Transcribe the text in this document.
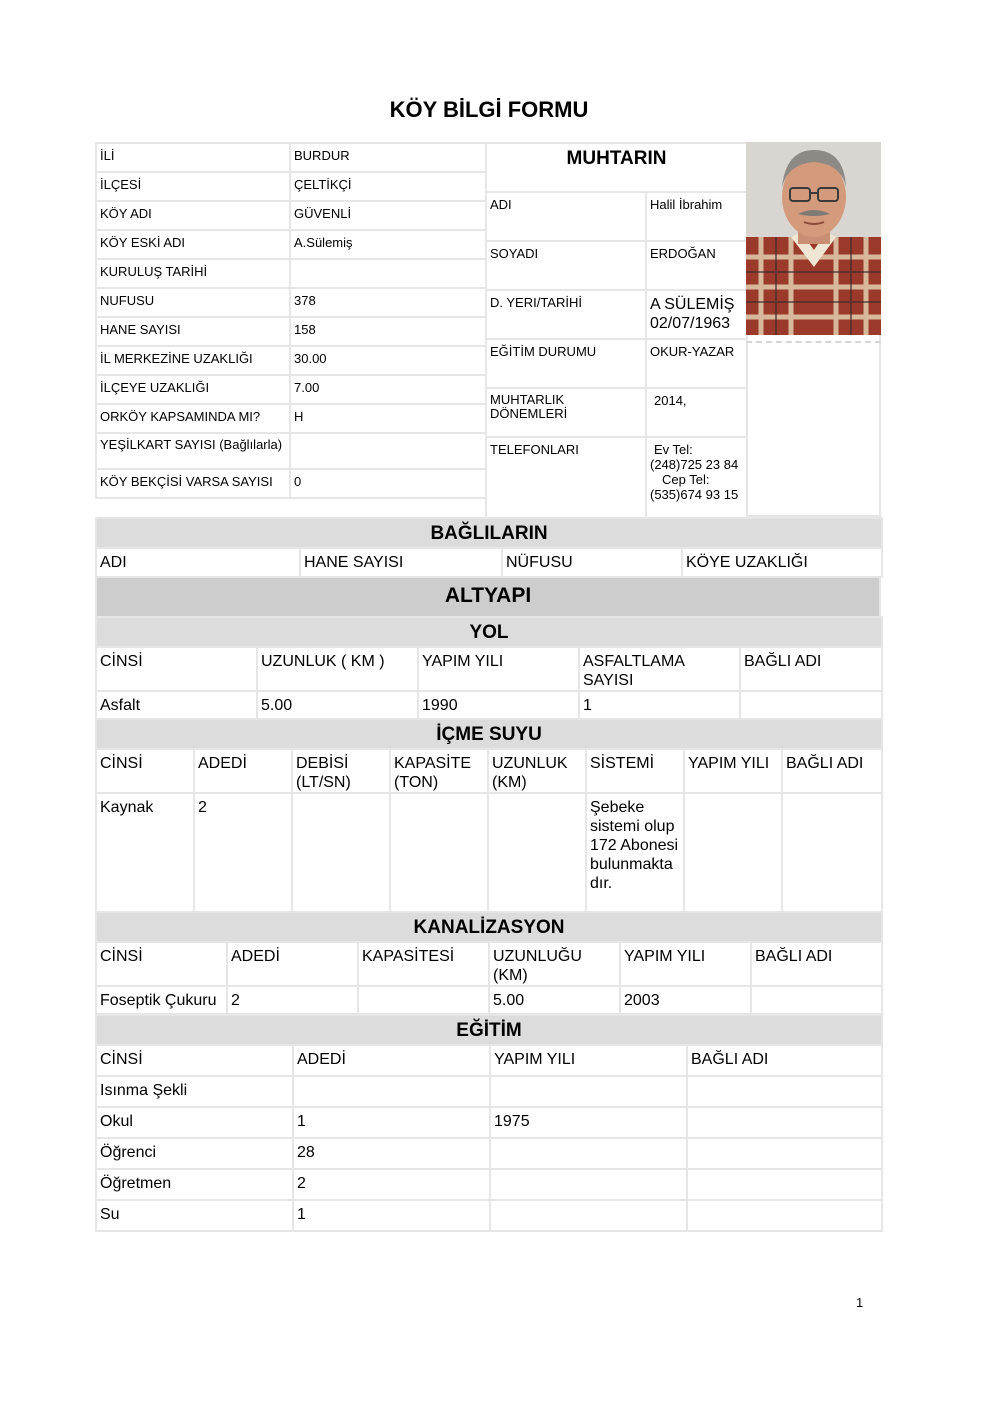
KÖY BİLGİ FORMU
İLİ	BURDUR

İLÇESİ	ÇELTİKÇİ

KÖY ADI	GÜVENLİ

KÖY ESKİ ADI	A.Sülemiş

KURULUŞ TARİHİ	

NUFUSU	378

HANE SAYISI	158

İL MERKEZİNE UZAKLIĞI	30.00

İLÇEYE UZAKLIĞI	7.00

ORKÖY KAPSAMINDA MI?	H

YEŞİLKART SAYISI (Bağlılarla)	

KÖY BEKÇİSİ VARSA SAYISI	0

MUHTARIN	

ADI	Halil İbrahim

SOYADI	ERDOĞAN

D. YERI/TARİHİ	A SÜLEMİŞ
02/07/1963

EĞİTİM DURUMU	OKUR-YAZAR

MUHTARLIK DÖNEMLERİ	2014,

TELEFONLARI	Ev Tel:
(248)725 23 84
Cep Tel:
(535)674 93 15
BAĞLILARIN

ADI	HANE SAYISI	NÜFUSU	KÖYE UZAKLIĞI
ALTYAPI
YOL				

CİNSİ	UZUNLUK ( KM )	YAPIM YILI	ASFALTLAMA SAYISI	BAĞLI ADI

Asfalt	5.00	1990	1	

İÇME SUYU							

CİNSİ	ADEDİ	DEBİSİ (LT/SN)	KAPASİTE (TON)	UZUNLUK (KM)	SİSTEMİ	YAPIM YILI	BAĞLI ADI

Kaynak	2				Şebeke sistemi olup 172 Abonesi bulunmakta dır.		

KANALİZASYON					

CİNSİ	ADEDİ	KAPASİTESİ	UZUNLUĞU (KM)	YAPIM YILI	BAĞLI ADI

Foseptik Çukuru	2		5.00	2003	

EĞİTİM			

CİNSİ	ADEDİ	YAPIM YILI	BAĞLI ADI

Isınma Şekli			

Okul	1	1975	

Öğrenci	28		

Öğretmen	2		

Su	1		

1
